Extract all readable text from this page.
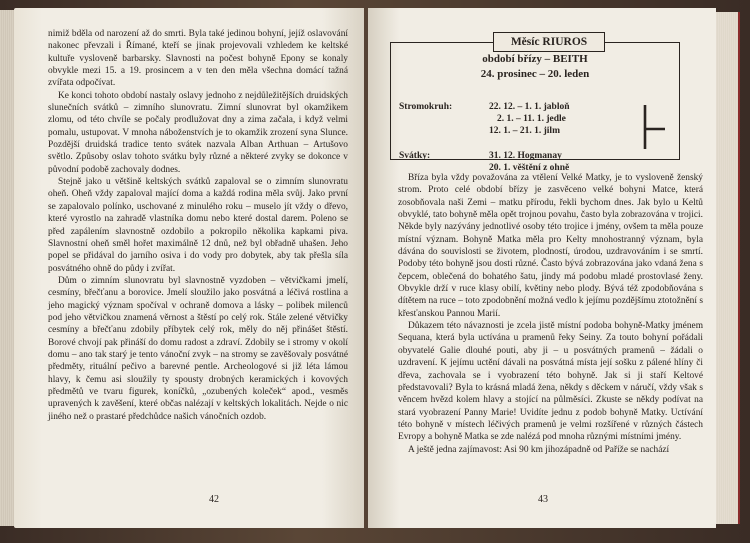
nimiž bděla od narození až do smrti. Byla také jedinou bohyní, jejíž oslavování nakonec převzali i Římané, kteří se jinak projevovali vzhledem ke keltské kultuře vysloveně barbarsky. Slavnosti na počest bohyně Epony se konaly obvykle mezi 15. a 19. prosincem a v ten den měla všechna domácí tažná zvířata odpočívat.

Ke konci tohoto období nastaly oslavy jednoho z nejdůležitějších druidských slunečních svátků – zimního slunovratu. Zimní slunovrat byl okamžikem zlomu, od této chvíle se počaly prodlužovat dny a zima začala, i když velmi pomalu, ustupovat. V mnoha náboženstvích je to okamžik zrození syna Slunce. Pozdější druidská tradice tento svátek nazvala Alban Arthuan – Artušovo světlo. Způsoby oslav tohoto svátku byly různé a některé zvyky se dokonce v původní podobě zachovaly dodnes.

Stejně jako u většině keltských svátků zapaloval se o zimním slunovratu oheň. Oheň vždy zapaloval mající doma a každá rodina měla svůj. Jako první se zapalovalo polínko, uschované z minulého roku – muselo jít vždy o dřevo, které vyrostlo na zahradě vlastníka domu nebo které dostal darem. Poleno se před zapálením slavnostně ozdobilo a pokropilo několika kapkami piva. Slavnostní oheň směl hořet maximálně 12 dnů, než byl obřadně uhašen. Jeho popel se přidával do jarního osiva i do vody pro dobytek, aby tak přešla síla posvátného ohně do půdy i zvířat.

Dům o zimním slunovratu byl slavnostně vyzdoben – větvičkami jmelí, cesmíny, břečťanu a borovice. Jmelí sloužilo jako posvátná a léčivá rostlina a jeho magický význam spočíval v ochraně domova a lásky – polibek milenců pod jeho větvičkou znamená věrnost a štěstí po celý rok. Stále zelené větvičky cesmíny a břečťanu zdobily příbytek celý rok, měly do něj přinášet štěstí. Borové chvojí pak přináší do domu radost a zdraví. Zdobily se i stromy v okolí domu – ano tak starý je tento vánoční zvyk – na stromy se zavěšovaly posvátné předměty, rituální pečivo a barevné pentle. Archeologové si již léta lámou hlavy, k čemu asi sloužily ty spousty drobných keramických i kovových předmětů ve tvaru figurek, koníčků, „ozubených koleček“ apod., vesměs upravených k zavěšení, které občas nalézají v keltských lokalitách. Nejde o nic jiného než o prastaré předchůdce našich vánočních ozdob.

42
Měsíc RIUROS
období břízy – BEITH
24. prosinec – 20. leden
Stromokruh:	22. 12. – 1. 1. jabloň
2. 1. – 11. 1. jedle
12. 1. – 21. 1. jilm
Svátky:	31. 12. Hogmanay
20. 1. věštění z ohně

Bříza byla vždy považována za vtělení Velké Matky, je to vysloveně ženský strom. Proto celé období břízy je zasvěceno velké bohyni Matce, která zosobňovala naši Zemi – matku přírodu, řekli bychom dnes. Jak bylo u Keltů obvyklé, tato bohyně měla opět trojnou povahu, často byla zobrazována v trojici. Někde byly nazývány jednotlivé osoby této trojice i jmény, ovšem ta měla pouze místní význam. Bohyně Matka měla pro Kelty mnohostranný význam, byla dávána do souvislosti se životem, plodností, úrodou, uzdravováním i se smrtí. Podoby této bohyně jsou dosti různé. Často bývá zobrazována jako vdaná žena s čepcem, oblečená do bohatého šatu, jindy má podobu mladé prostovlasé ženy. Obvykle drží v ruce klasy obilí, květiny nebo plody. Bývá též zpodobňována s dítětem na ruce – toto zpodobnění možná vedlo k jejímu pozdějšímu ztotožnění s křesťanskou Pannou Marií.

Důkazem této návaznosti je zcela jistě místní podoba bohyně-Matky jménem Sequana, která byla uctívána u pramenů řeky Seiny. Za touto bohyní pořádali obyvatelé Galie dlouhé pouti, aby ji – u posvátných pramenů – žádali o uzdravení. K jejímu uctění dávali na posvátná místa její sošku z pálené hlíny či dřeva, zachovala se i vyobrazení této bohyně. Jak si ji staří Keltové představovali? Byla to krásná mladá žena, někdy s děckem v náručí, vždy však s věncem hvězd kolem hlavy a stojící na půlměsíci. Zkuste se někdy podívat na stará vyobrazení Panny Marie! Uvidíte jednu z podob bohyně Matky. Uctívání této bohyně v místech léčivých pramenů je velmi rozšířené v různých částech Evropy a bohyně Matka se zde nalézá pod mnoha různými místními jmény.

A ještě jedna zajímavost: Asi 90 km jihozápadně od Paříže se nachází

43
